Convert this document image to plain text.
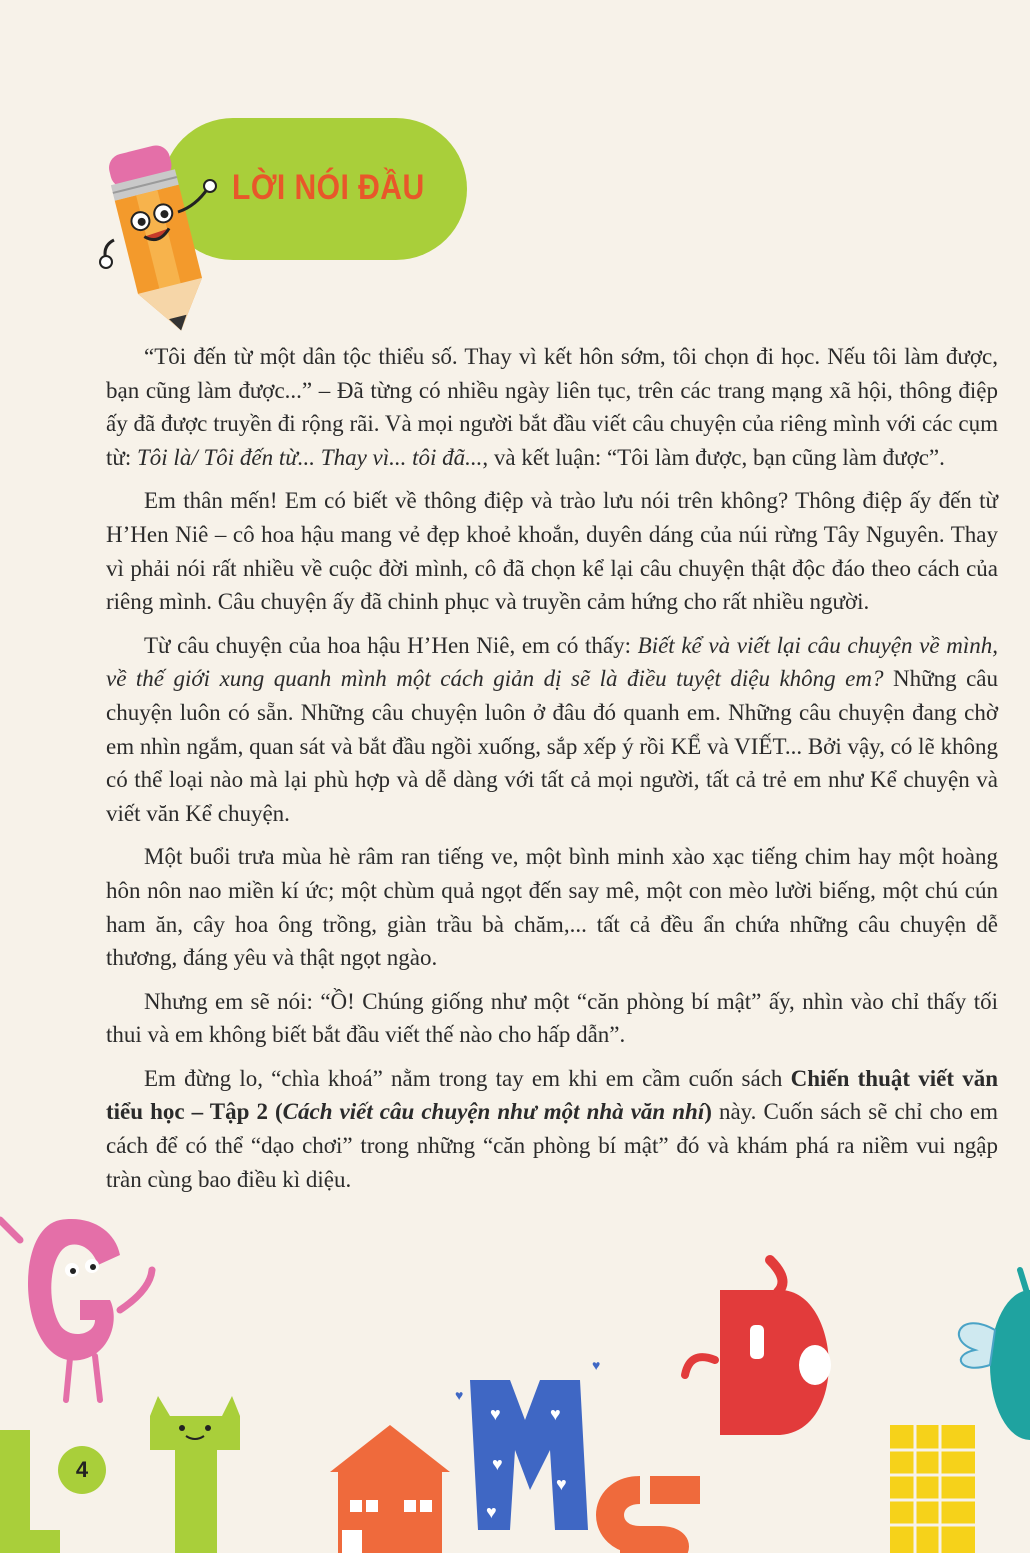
LỜI NÓI ĐẦU

“Tôi đến từ một dân tộc thiểu số. Thay vì kết hôn sớm, tôi chọn đi học. Nếu tôi làm được, bạn cũng làm được...” – Đã từng có nhiều ngày liên tục, trên các trang mạng xã hội, thông điệp ấy đã được truyền đi rộng rãi. Và mọi người bắt đầu viết câu chuyện của riêng mình với các cụm từ: Tôi là/ Tôi đến từ... Thay vì... tôi đã..., và kết luận: “Tôi làm được, bạn cũng làm được”.

Em thân mến! Em có biết về thông điệp và trào lưu nói trên không? Thông điệp ấy đến từ H’Hen Niê – cô hoa hậu mang vẻ đẹp khoẻ khoắn, duyên dáng của núi rừng Tây Nguyên. Thay vì phải nói rất nhiều về cuộc đời mình, cô đã chọn kể lại câu chuyện thật độc đáo theo cách của riêng mình. Câu chuyện ấy đã chinh phục và truyền cảm hứng cho rất nhiều người.

Từ câu chuyện của hoa hậu H’Hen Niê, em có thấy: Biết kể và viết lại câu chuyện về mình, về thế giới xung quanh mình một cách giản dị sẽ là điều tuyệt diệu không em? Những câu chuyện luôn có sẵn. Những câu chuyện luôn ở đâu đó quanh em. Những câu chuyện đang chờ em nhìn ngắm, quan sát và bắt đầu ngồi xuống, sắp xếp ý rồi KỂ và VIẾT... Bởi vậy, có lẽ không có thể loại nào mà lại phù hợp và dễ dàng với tất cả mọi người, tất cả trẻ em như Kể chuyện và viết văn Kể chuyện.

Một buổi trưa mùa hè râm ran tiếng ve, một bình minh xào xạc tiếng chim hay một hoàng hôn nôn nao miền kí ức; một chùm quả ngọt đến say mê, một con mèo lười biếng, một chú cún ham ăn, cây hoa ông trồng, giàn trầu bà chăm,... tất cả đều ẩn chứa những câu chuyện dễ thương, đáng yêu và thật ngọt ngào.

Nhưng em sẽ nói: “Ồ! Chúng giống như một “căn phòng bí mật” ấy, nhìn vào chỉ thấy tối thui và em không biết bắt đầu viết thế nào cho hấp dẫn”.

Em đừng lo, “chìa khoá” nằm trong tay em khi em cầm cuốn sách Chiến thuật viết văn tiểu học – Tập 2 (Cách viết câu chuyện như một nhà văn nhí) này. Cuốn sách sẽ chỉ cho em cách để có thể “dạo chơi” trong những “căn phòng bí mật” đó và khám phá ra niềm vui ngập tràn cùng bao điều kì diệu.

♥	♥
♥
♥
♥
♥
♥
4
